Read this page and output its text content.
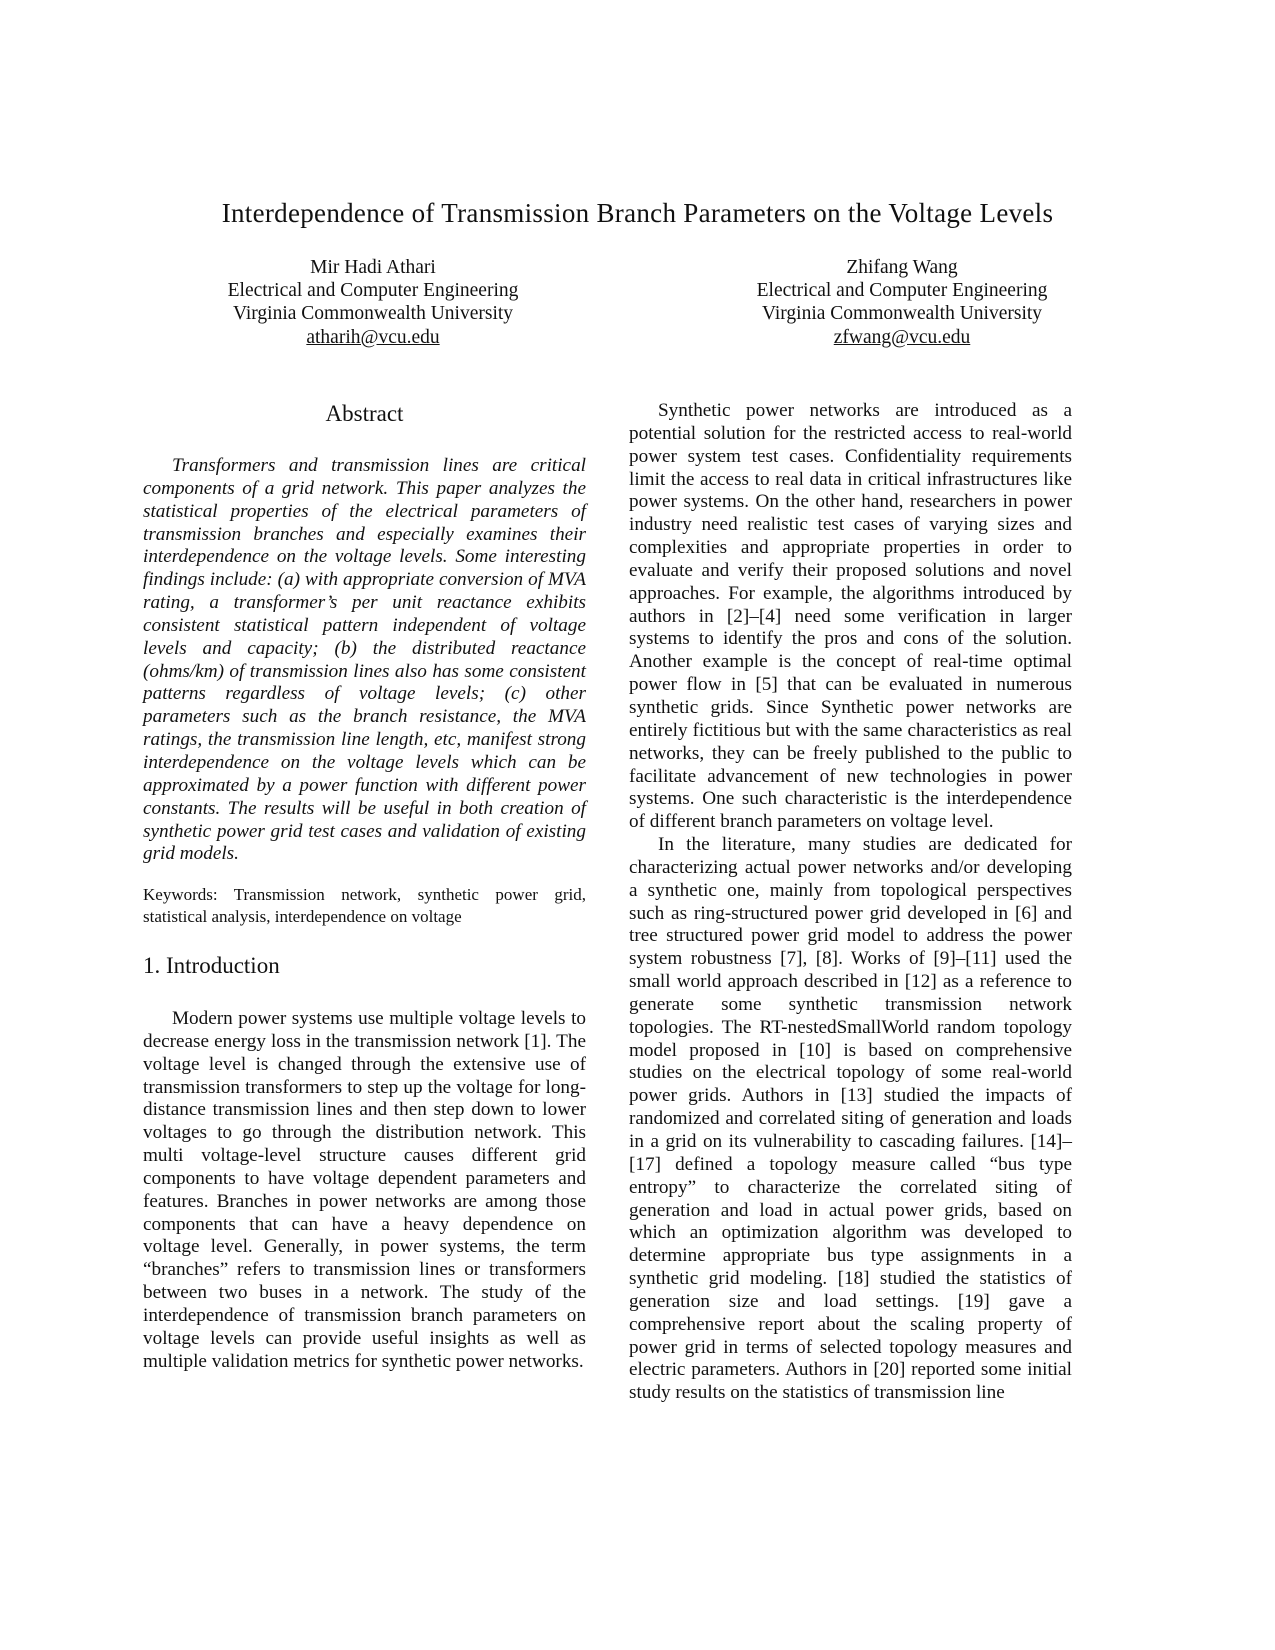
Interdependence of Transmission Branch Parameters on the Voltage Levels
Mir Hadi Athari
Electrical and Computer Engineering
Virginia Commonwealth University
atharih@vcu.edu
Zhifang Wang
Electrical and Computer Engineering
Virginia Commonwealth University
zfwang@vcu.edu
Abstract
Transformers and transmission lines are critical components of a grid network. This paper analyzes the statistical properties of the electrical parameters of transmission branches and especially examines their interdependence on the voltage levels. Some interesting findings include: (a) with appropriate conversion of MVA rating, a transformer’s per unit reactance exhibits consistent statistical pattern independent of voltage levels and capacity; (b) the distributed reactance (ohms/km) of transmission lines also has some consistent patterns regardless of voltage levels; (c) other parameters such as the branch resistance, the MVA ratings, the transmission line length, etc, manifest strong interdependence on the voltage levels which can be approximated by a power function with different power constants. The results will be useful in both creation of synthetic power grid test cases and validation of existing grid models.
Keywords: Transmission network, synthetic power grid, statistical analysis, interdependence on voltage
1. Introduction

Modern power systems use multiple voltage levels to decrease energy loss in the transmission network [1]. The voltage level is changed through the extensive use of transmission transformers to step up the voltage for long-distance transmission lines and then step down to lower voltages to go through the distribution network. This multi voltage-level structure causes different grid components to have voltage dependent parameters and features. Branches in power networks are among those components that can have a heavy dependence on voltage level. Generally, in power systems, the term “branches” refers to transmission lines or transformers between two buses in a network. The study of the interdependence of transmission branch parameters on voltage levels can provide useful insights as well as multiple validation metrics for synthetic power networks.

Synthetic power networks are introduced as a potential solution for the restricted access to real-world power system test cases. Confidentiality requirements limit the access to real data in critical infrastructures like power systems. On the other hand, researchers in power industry need realistic test cases of varying sizes and complexities and appropriate properties in order to evaluate and verify their proposed solutions and novel approaches. For example, the algorithms introduced by authors in [2]–[4] need some verification in larger systems to identify the pros and cons of the solution. Another example is the concept of real-time optimal power flow in [5] that can be evaluated in numerous synthetic grids. Since Synthetic power networks are entirely fictitious but with the same characteristics as real networks, they can be freely published to the public to facilitate advancement of new technologies in power systems. One such characteristic is the interdependence of different branch parameters on voltage level.

In the literature, many studies are dedicated for characterizing actual power networks and/or developing a synthetic one, mainly from topological perspectives such as ring-structured power grid developed in [6] and tree structured power grid model to address the power system robustness [7], [8]. Works of [9]–[11] used the small world approach described in [12] as a reference to generate some synthetic transmission network topologies. The RT-nestedSmallWorld random topology model proposed in [10] is based on comprehensive studies on the electrical topology of some real-world power grids. Authors in [13] studied the impacts of randomized and correlated siting of generation and loads in a grid on its vulnerability to cascading failures. [14]–[17] defined a topology measure called “bus type entropy” to characterize the correlated siting of generation and load in actual power grids, based on which an optimization algorithm was developed to determine appropriate bus type assignments in a synthetic grid modeling. [18] studied the statistics of generation size and load settings. [19] gave a comprehensive report about the scaling property of power grid in terms of selected topology measures and electric parameters. Authors in [20] reported some initial study results on the statistics of transmission line
